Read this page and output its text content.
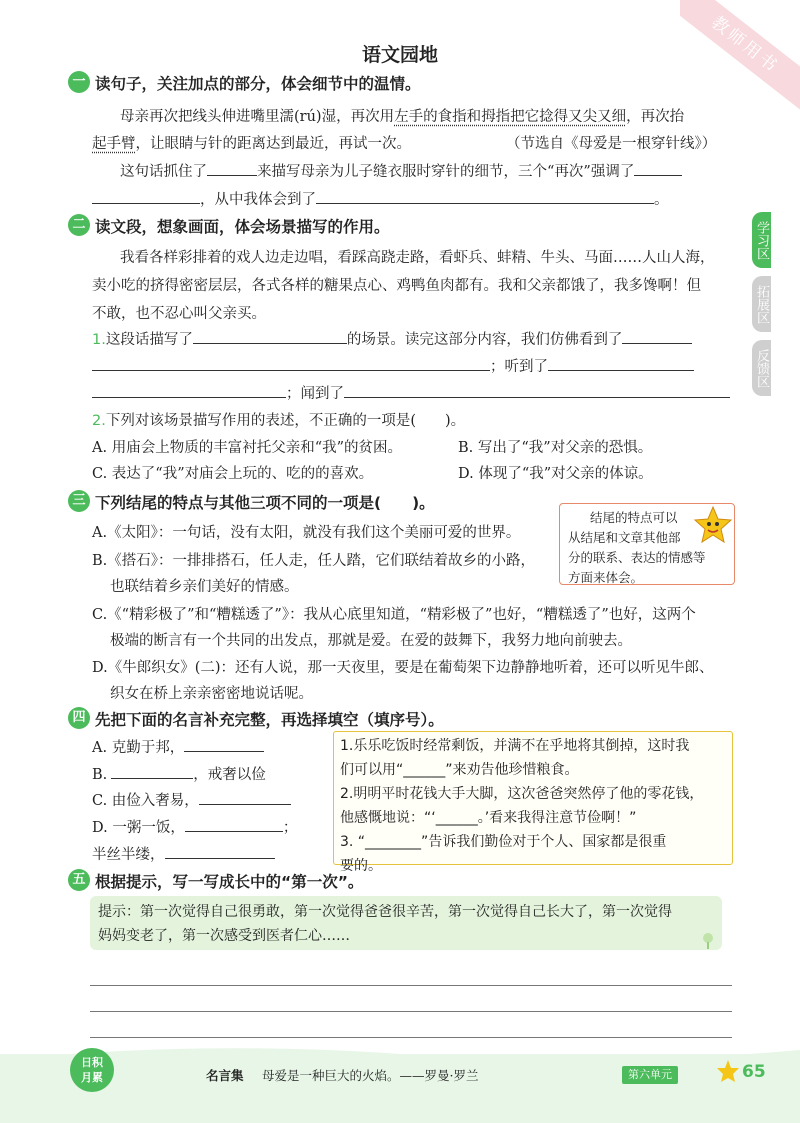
教师用书
语文园地
学习区
拓展区
反馈区
一 读句子，关注加点的部分，体会细节中的温情。
母亲再次把线头伸进嘴里濡(rú)湿，再次用左手的食指和拇指把它捻得又尖又细，再次抬
起手臂，让眼睛与针的距离达到最近，再试一次。	（节选自《母爱是一根穿针线》）
这句话抓住了	来描写母亲为儿子缝衣服时穿针的细节，三个“再次”强调了
，从中我体会到了	。
二 读文段，想象画面，体会场景描写的作用。
我看各样彩排着的戏人边走边唱，看踩高跷走路，看虾兵、蚌精、牛头、马面……人山人海，
卖小吃的挤得密密层层，各式各样的糖果点心、鸡鸭鱼肉都有。我和父亲都饿了，我多馋啊！但
不敢，也不忍心叫父亲买。
1.这段话描写了	的场景。读完这部分内容，我们仿佛看到了
；听到了
；闻到了
2.下列对该场景描写作用的表述，不正确的一项是(　　)。
A. 用庙会上物质的丰富衬托父亲和“我”的贫困。	B. 写出了“我”对父亲的恐惧。
C. 表达了“我”对庙会上玩的、吃的的喜欢。	D. 体现了“我”对父亲的体谅。
三 下列结尾的特点与其他三项不同的一项是(　　)。
A.《太阳》：一句话，没有太阳，就没有我们这个美丽可爱的世界。
B.《搭石》：一排排搭石，任人走，任人踏，它们联结着故乡的小路，
也联结着乡亲们美好的情感。
C.《“精彩极了”和“糟糕透了”》：我从心底里知道，“精彩极了”也好，“糟糕透了”也好，这两个
极端的断言有一个共同的出发点，那就是爱。在爱的鼓舞下，我努力地向前驶去。
D.《牛郎织女》(二)：还有人说，那一天夜里，要是在葡萄架下边静静地听着，还可以听见牛郎、
织女在桥上亲亲密密地说话呢。
结尾的特点可以
从结尾和文章其他部
分的联系、表达的情感等
方面来体会。
四 先把下面的名言补充完整，再选择填空（填序号）。
A. 克勤于邦，
B.	，戒奢以俭
C. 由俭入奢易，
D. 一粥一饭，	；
半丝半缕，
1.乐乐吃饭时经常剩饭，并满不在乎地将其倒掉，这时我
们可以用“______”来劝告他珍惜粮食。
2.明明平时花钱大手大脚，这次爸爸突然停了他的零花钱，
他感慨地说：“‘______。’看来我得注意节俭啊！”
3. “________”告诉我们勤俭对于个人、国家都是很重
要的。
五 根据提示，写一写成长中的“第一次”。
提示：第一次觉得自己很勇敢，第一次觉得爸爸很辛苦，第一次觉得自己长大了，第一次觉得
妈妈变老了，第一次感受到医者仁心……
日积
月累	名言集 母爱是一种巨大的火焰。——罗曼·罗兰	第六单元	65
